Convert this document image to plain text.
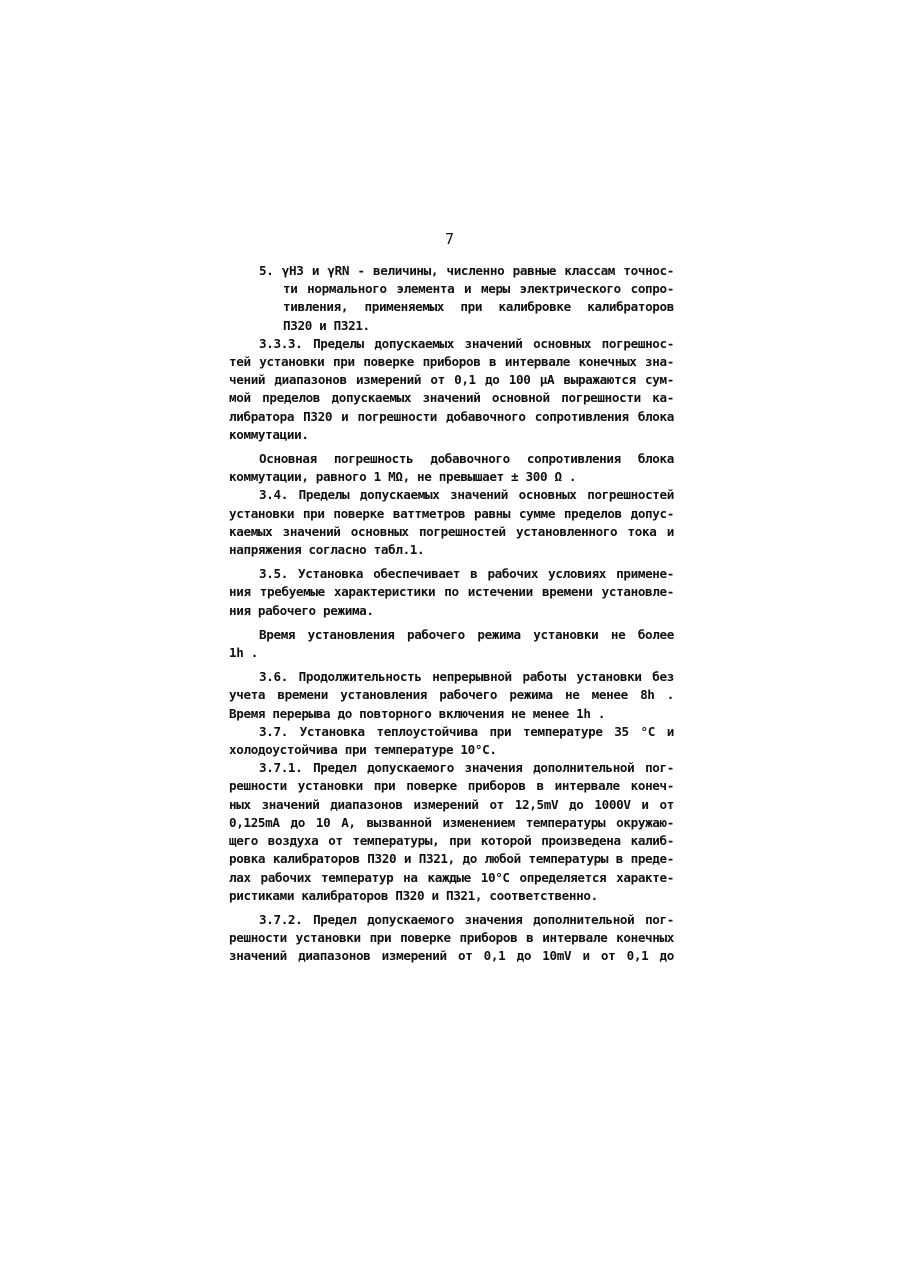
7
5. γНЗ и γRN - величины, численно равные классам точнос-
ти нормального элемента и меры электрического сопро-
тивления, применяемых при калибровке калибраторов
П320 и П321.
3.3.3. Пределы допускаемых значений основных погрешнос-
тей установки при поверке приборов в интервале конечных зна-
чений диапазонов измерений от 0,1 до 100 μA выражаются сум-
мой пределов допускаемых значений основной погрешности ка-
либратора П320 и погрешности добавочного сопротивления блока
коммутации.
Основная погрешность добавочного сопротивления блока
коммутации, равного 1 MΩ, не превышает ± 300 Ω .
3.4. Пределы допускаемых значений основных погрешностей
установки при поверке ваттметров равны сумме пределов допус-
каемых значений основных погрешностей установленного тока и
напряжения согласно табл.1.
3.5. Установка обеспечивает в рабочих условиях примене-
ния требуемые характеристики по истечении времени установле-
ния рабочего режима.
Время установления рабочего режима установки не более
1h .
3.6. Продолжительность непрерывной работы установки без
учета времени установления рабочего режима не менее 8h .
Время перерыва до повторного включения не менее 1h .
3.7. Установка теплоустойчива при температуре 35 °C и
холодоустойчива при температуре 10°C.
3.7.1. Предел допускаемого значения дополнительной пог-
решности установки при поверке приборов в интервале конеч-
ных значений диапазонов измерений от 12,5mV до 1000V и от
0,125mA до 10 A, вызванной изменением температуры окружаю-
щего воздуха от температуры, при которой произведена калиб-
ровка калибраторов П320 и П321, до любой температуры в преде-
лах рабочих температур на каждые 10°C определяется характе-
ристиками калибраторов П320 и П321, соответственно.
3.7.2. Предел допускаемого значения дополнительной пог-
решности установки при поверке приборов в интервале конечных
значений диапазонов измерений от 0,1 до 10mV и от 0,1 до
